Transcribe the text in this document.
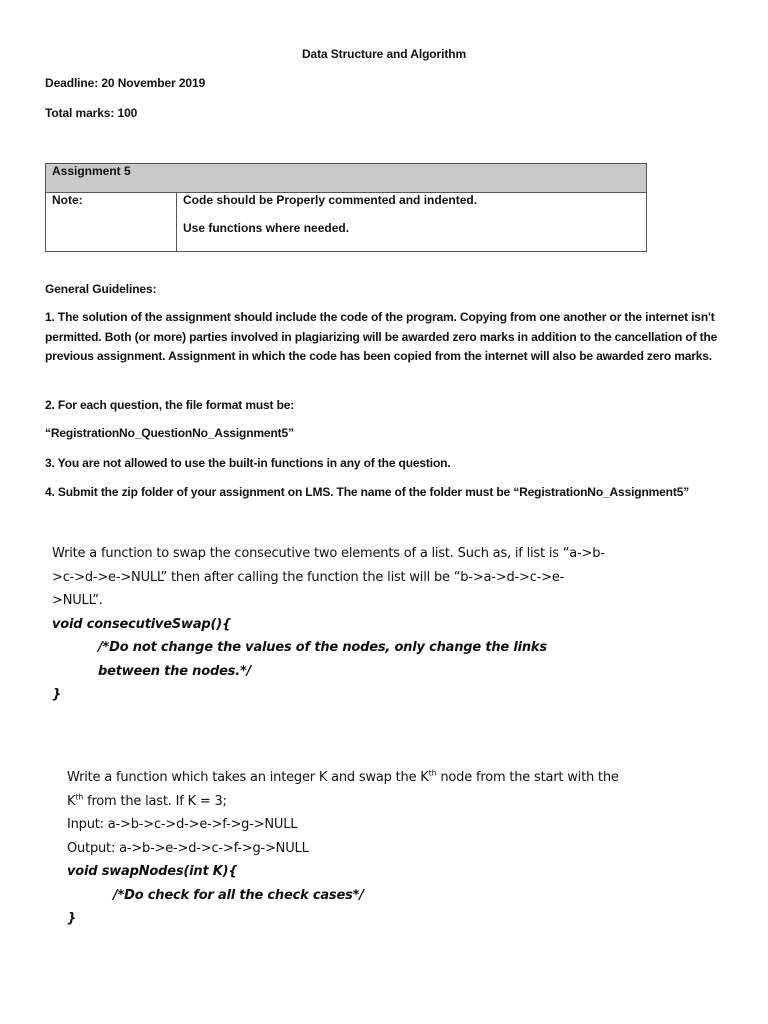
Data Structure and Algorithm
Deadline: 20 November 2019
Total marks: 100
Assignment 5
Note:	Code should be Properly commented and indented.
Use functions where needed.
General Guidelines:
1. The solution of the assignment should include the code of the program. Copying from one another or the internet isn't permitted. Both (or more) parties involved in plagiarizing will be awarded zero marks in addition to the cancellation of the previous assignment. Assignment in which the code has been copied from the internet will also be awarded zero marks.
2. For each question, the file format must be:
“RegistrationNo_QuestionNo_Assignment5”
3. You are not allowed to use the built-in functions in any of the question.
4. Submit the zip folder of your assignment on LMS. The name of the folder must be “RegistrationNo_Assignment5”
Write a function to swap the consecutive two elements of a list. Such as, if list is “a->b->c->d->e->NULL” then after calling the function the list will be “b->a->d->c->e->NULL”.
void consecutiveSwap(){
/*Do not change the values of the nodes, only change the links between the nodes.*/
}
Write a function which takes an integer K and swap the $K^{th}$ node from the start with the $K^{th}$ from the last. If K = 3;
Input: a->b->c->d->e->f->g->NULL
Output: a->b->e->d->c->f->g->NULL
void swapNodes(int K){
/*Do check for all the check cases*/
}
